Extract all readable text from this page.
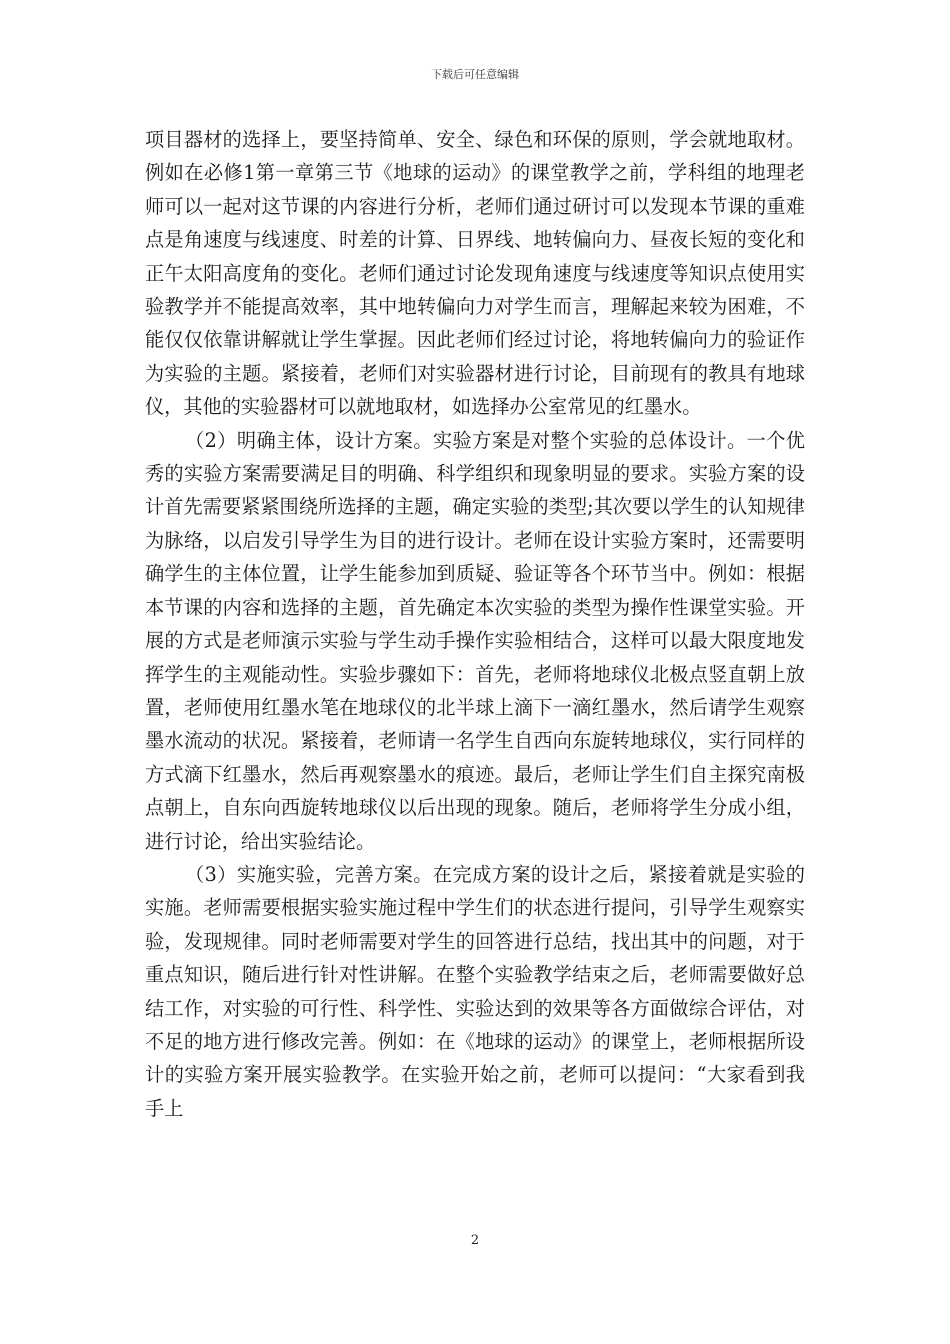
下载后可任意编辑

项目器材的选择上，要坚持简单、安全、绿色和环保的原则，学会就地取材。例如在必修1第一章第三节《地球的运动》的课堂教学之前，学科组的地理老师可以一起对这节课的内容进行分析，老师们通过研讨可以发现本节课的重难点是角速度与线速度、时差的计算、日界线、地转偏向力、昼夜长短的变化和正午太阳高度角的变化。老师们通过讨论发现角速度与线速度等知识点使用实验教学并不能提高效率，其中地转偏向力对学生而言，理解起来较为困难，不能仅仅依靠讲解就让学生掌握。因此老师们经过讨论，将地转偏向力的验证作为实验的主题。紧接着，老师们对实验器材进行讨论，目前现有的教具有地球仪，其他的实验器材可以就地取材，如选择办公室常见的红墨水。

（2）明确主体，设计方案。实验方案是对整个实验的总体设计。一个优秀的实验方案需要满足目的明确、科学组织和现象明显的要求。实验方案的设计首先需要紧紧围绕所选择的主题，确定实验的类型;其次要以学生的认知规律为脉络，以启发引导学生为目的进行设计。老师在设计实验方案时，还需要明确学生的主体位置，让学生能参加到质疑、验证等各个环节当中。例如：根据本节课的内容和选择的主题，首先确定本次实验的类型为操作性课堂实验。开展的方式是老师演示实验与学生动手操作实验相结合，这样可以最大限度地发挥学生的主观能动性。实验步骤如下：首先，老师将地球仪北极点竖直朝上放置，老师使用红墨水笔在地球仪的北半球上滴下一滴红墨水，然后请学生观察墨水流动的状况。紧接着，老师请一名学生自西向东旋转地球仪，实行同样的方式滴下红墨水，然后再观察墨水的痕迹。最后，老师让学生们自主探究南极点朝上，自东向西旋转地球仪以后出现的现象。随后，老师将学生分成小组，进行讨论，给出实验结论。

（3）实施实验，完善方案。在完成方案的设计之后，紧接着就是实验的实施。老师需要根据实验实施过程中学生们的状态进行提问，引导学生观察实验，发现规律。同时老师需要对学生的回答进行总结，找出其中的问题，对于重点知识，随后进行针对性讲解。在整个实验教学结束之后，老师需要做好总结工作，对实验的可行性、科学性、实验达到的效果等各方面做综合评估，对不足的地方进行修改完善。例如：在《地球的运动》的课堂上，老师根据所设计的实验方案开展实验教学。在实验开始之前，老师可以提问：“大家看到我手上

2
